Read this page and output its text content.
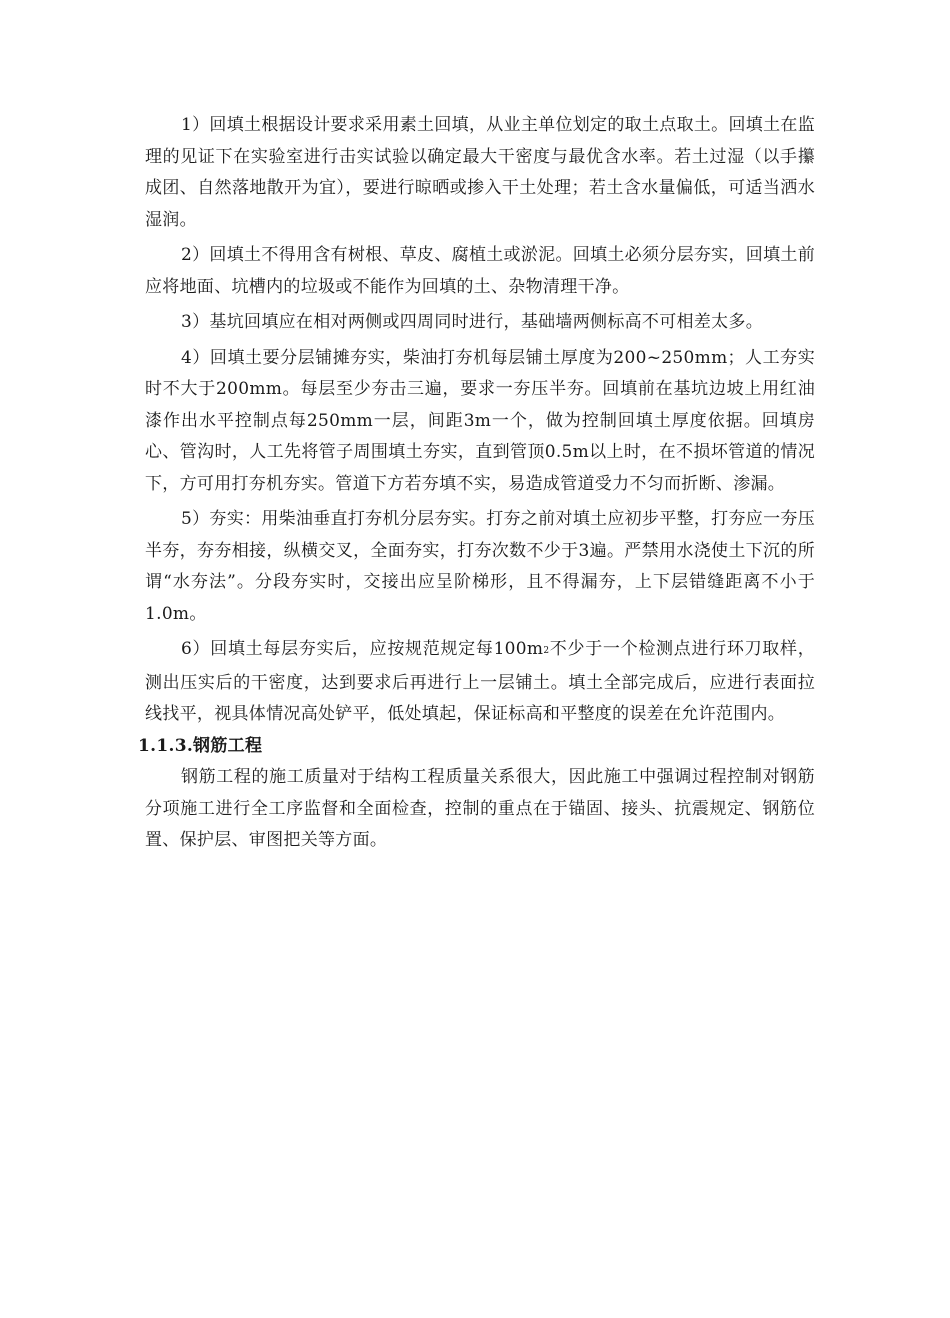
1）回填土根据设计要求采用素土回填，从业主单位划定的取土点取土。回填土在监理的见证下在实验室进行击实试验以确定最大干密度与最优含水率。若土过湿（以手攥成团、自然落地散开为宜），要进行晾晒或掺入干土处理；若土含水量偏低，可适当洒水湿润。

2）回填土不得用含有树根、草皮、腐植土或淤泥。回填土必须分层夯实，回填土前应将地面、坑槽内的垃圾或不能作为回填的土、杂物清理干净。

3）基坑回填应在相对两侧或四周同时进行，基础墙两侧标高不可相差太多。

4）回填土要分层铺摊夯实，柴油打夯机每层铺土厚度为200~250mm；人工夯实时不大于200mm。每层至少夯击三遍，要求一夯压半夯。回填前在基坑边坡上用红油漆作出水平控制点每250mm一层，间距3m一个，做为控制回填土厚度依据。回填房心、管沟时，人工先将管子周围填土夯实，直到管顶0.5m以上时，在不损坏管道的情况下，方可用打夯机夯实。管道下方若夯填不实，易造成管道受力不匀而折断、渗漏。

5）夯实：用柴油垂直打夯机分层夯实。打夯之前对填土应初步平整，打夯应一夯压半夯，夯夯相接，纵横交叉，全面夯实，打夯次数不少于3遍。严禁用水浇使土下沉的所谓“水夯法”。分段夯实时，交接出应呈阶梯形，且不得漏夯，上下层错缝距离不小于1.0m。

6）回填土每层夯实后，应按规范规定每100m2不少于一个检测点进行环刀取样，测出压实后的干密度，达到要求后再进行上一层铺土。填土全部完成后，应进行表面拉线找平，视具体情况高处铲平，低处填起，保证标高和平整度的误差在允许范围内。

1.1.3.钢筋工程

钢筋工程的施工质量对于结构工程质量关系很大，因此施工中强调过程控制对钢筋分项施工进行全工序监督和全面检查，控制的重点在于锚固、接头、抗震规定、钢筋位置、保护层、审图把关等方面。
